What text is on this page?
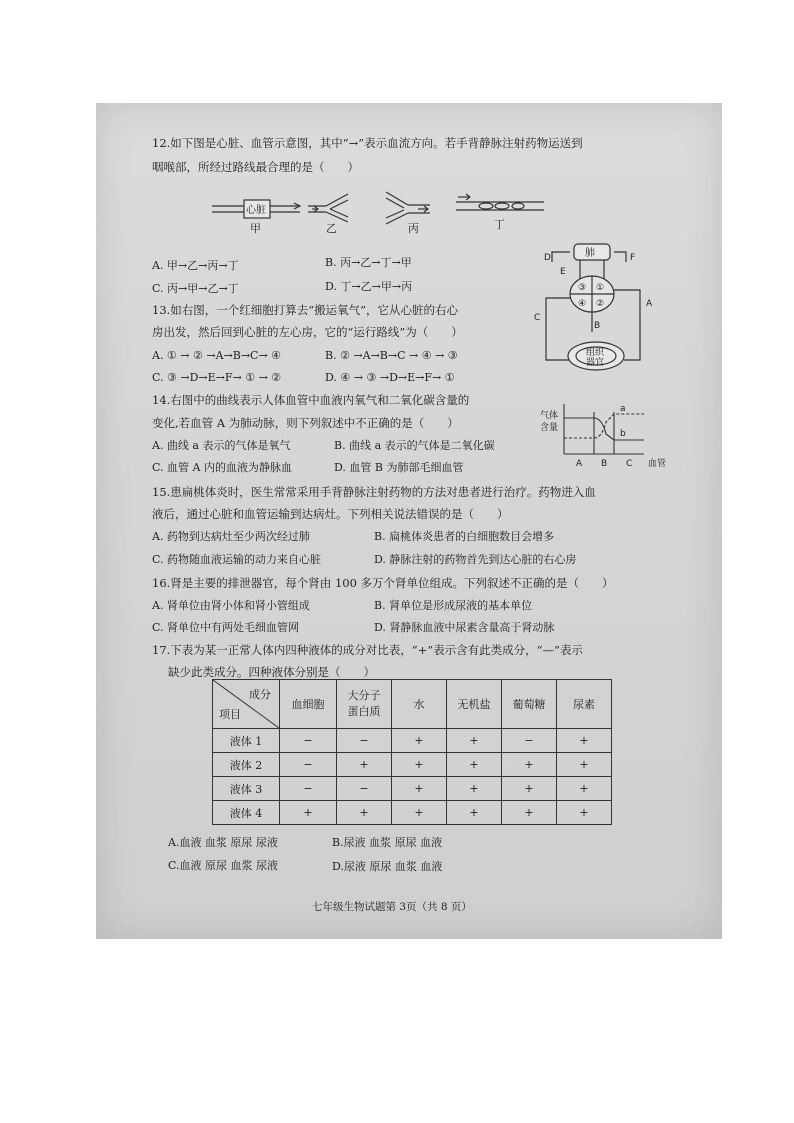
12.如下图是心脏、血管示意图，其中“→”表示血流方向。若手背静脉注射药物运送到
咽喉部，所经过路线最合理的是（　　）
心脏
甲	乙	丙	丁
A. 甲→乙→丙→丁	B. 丙→乙→丁→甲
C. 丙→甲→乙→丁	D. 丁→乙→甲→丙
13.如右图，一个红细胞打算去“搬运氧气”，它从心脏的右心
房出发，然后回到心脏的左心房，它的“运行路线”为（　　）
A. ① → ② →A→B→C→ ④	B. ② →A→B→C → ④ → ③
C. ③ →D→E→F→ ① → ②	D. ④ → ③ →D→E→F→ ①
肺
组织
器官
D
E
F
A
B
C
①
②
③
④
14.右图中的曲线表示人体血管中血液内氧气和二氧化碳含量的
变化,若血管 A 为肺动脉，则下列叙述中不正确的是（　　）
A. 曲线 a 表示的气体是氧气	B. 曲线 a 表示的气体是二氧化碳
C. 血管 A 内的血液为静脉血	D. 血管 B 为肺部毛细血管
气体
含量
a
b
A B C 血管
15.患扁桃体炎时，医生常常采用手背静脉注射药物的方法对患者进行治疗。药物进入血
液后，通过心脏和血管运输到达病灶。下列相关说法错误的是（　　）
A. 药物到达病灶至少两次经过肺	B. 扁桃体炎患者的白细胞数目会增多
C. 药物随血液运输的动力来自心脏	D. 静脉注射的药物首先到达心脏的右心房
16.肾是主要的排泄器官，每个肾由 100 多万个肾单位组成。下列叙述不正确的是（　　）
A. 肾单位由肾小体和肾小管组成	B. 肾单位是形成尿液的基本单位
C. 肾单位中有两处毛细血管网	D. 肾静脉血液中尿素含量高于肾动脉
17.下表为某一正常人体内四种液体的成分对比表，“+”表示含有此类成分，“—”表示
缺少此类成分。四种液体分别是（　　）
成分
项目	血细胞	大分子
蛋白质	水	无机盐	葡萄糖	尿素
液体 1	−	−	+	+	−	+
液体 2	−	+	+	+	+	+
液体 3	−	−	+	+	+	+
液体 4	+	+	+	+	+	+
A.血液 血浆 原尿 尿液	B.尿液 血浆 原尿 血液
C.血液 原尿 血浆 尿液	D.尿液 原尿 血浆 血液
七年级生物试题第 3页（共 8 页）
